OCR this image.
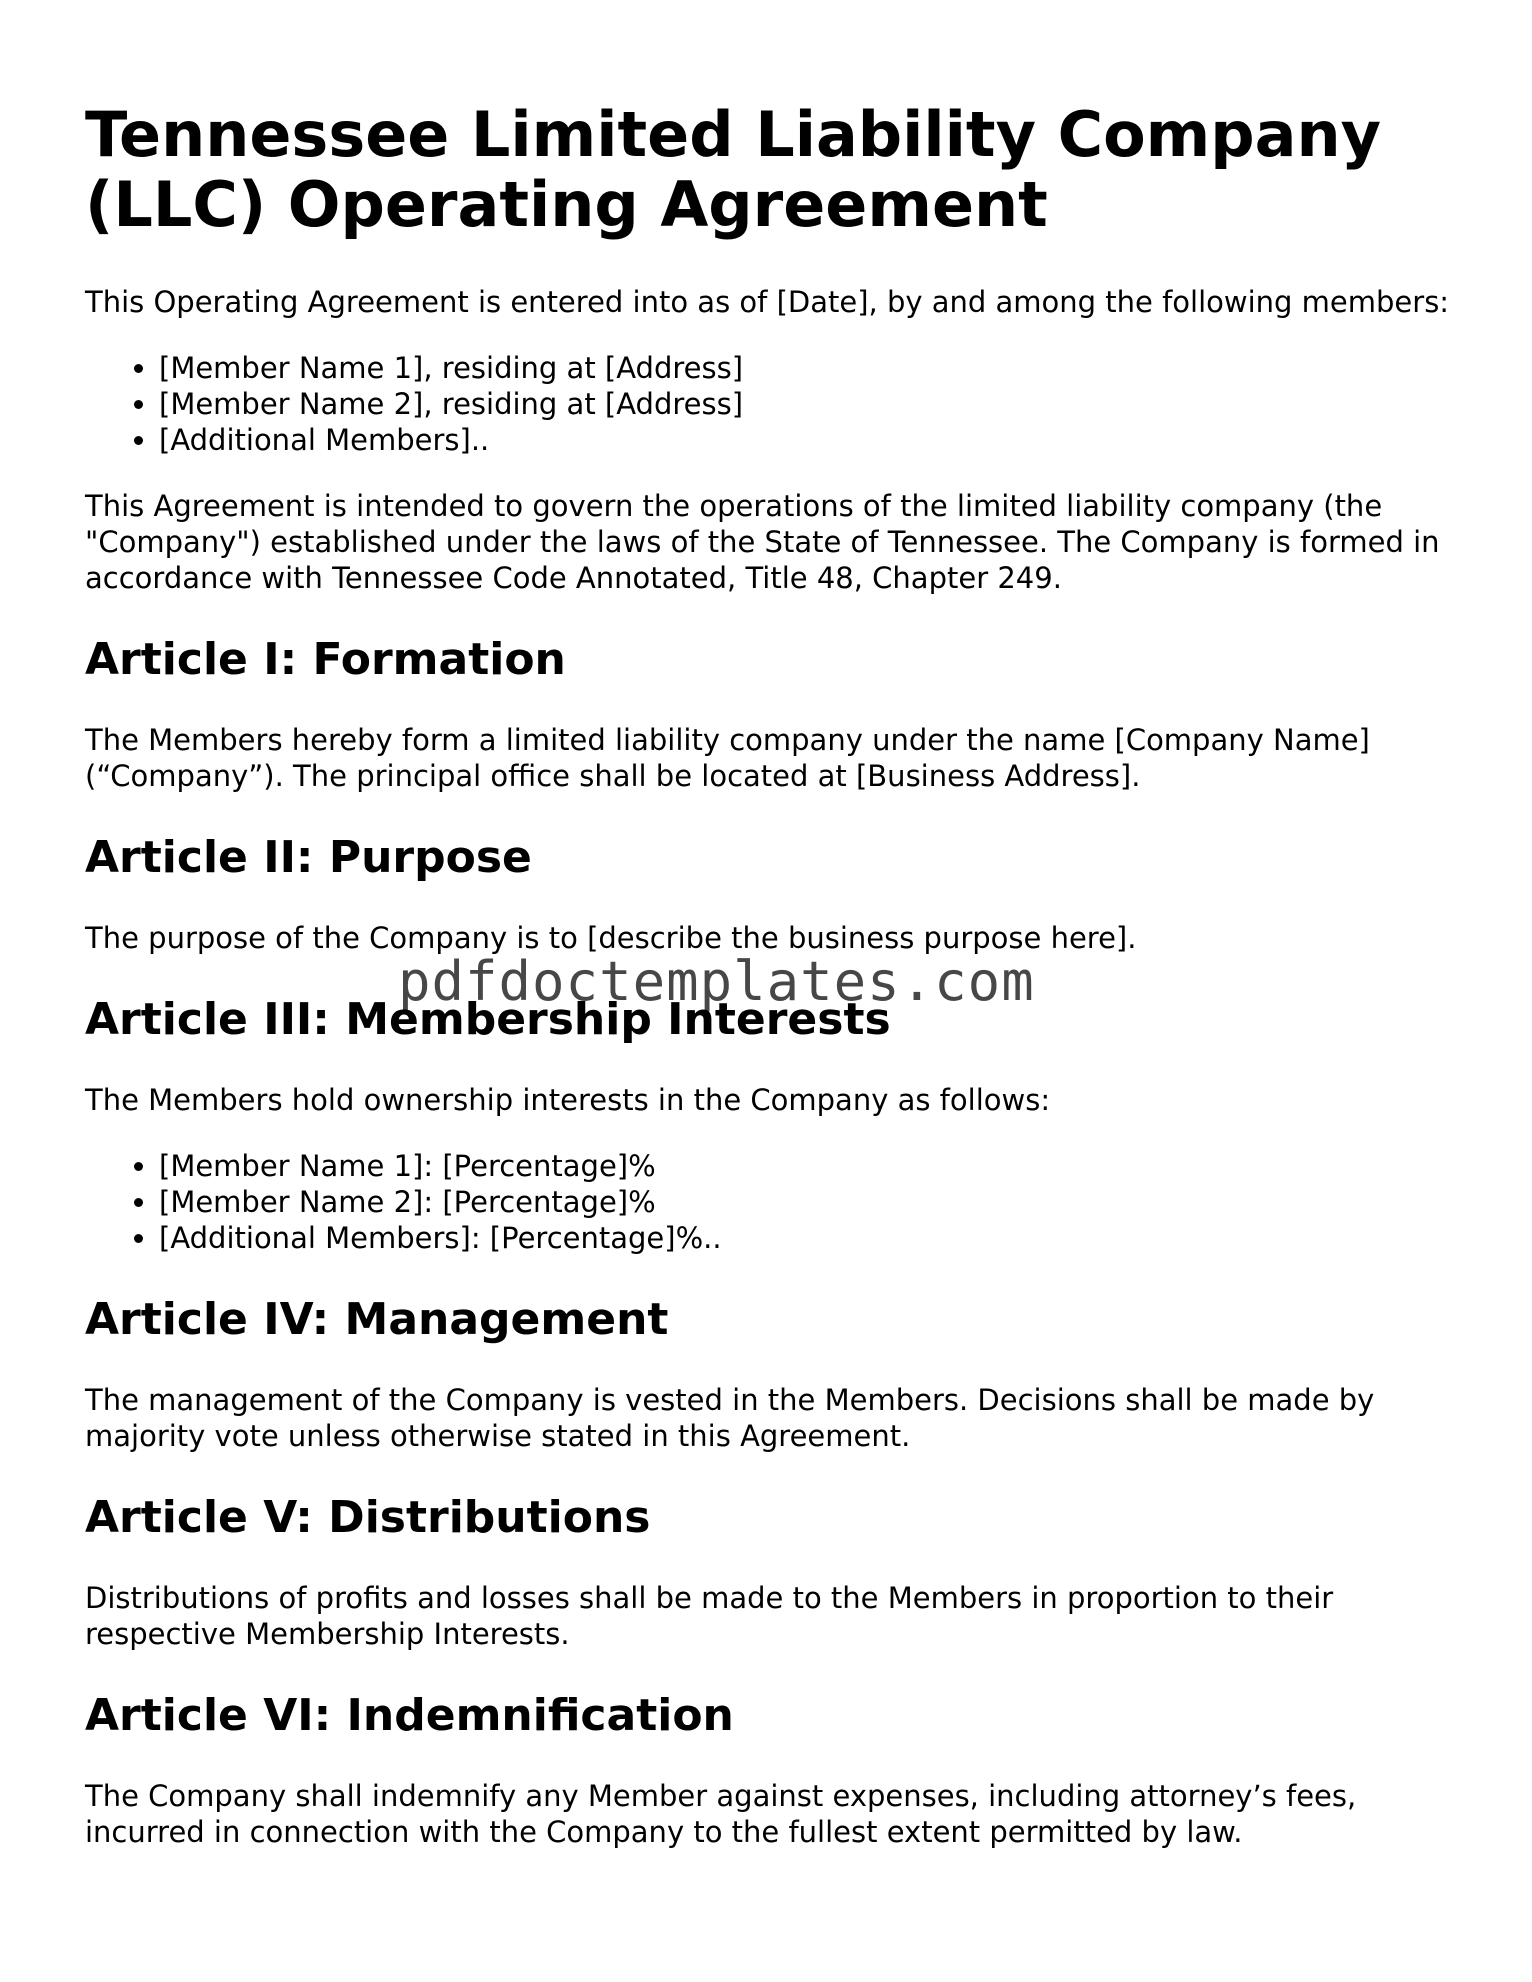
Tennessee Limited Liability Company (LLC) Operating Agreement

This Operating Agreement is entered into as of [Date], by and among the following members:

• [Member Name 1], residing at [Address]
• [Member Name 2], residing at [Address]
• [Additional Members]..

This Agreement is intended to govern the operations of the limited liability company (the "Company") established under the laws of the State of Tennessee. The Company is formed in accordance with Tennessee Code Annotated, Title 48, Chapter 249.

Article I: Formation

The Members hereby form a limited liability company under the name [Company Name] (“Company”). The principal office shall be located at [Business Address].

Article II: Purpose

The purpose of the Company is to [describe the business purpose here].

Article III: Membership Interests

The Members hold ownership interests in the Company as follows:

• [Member Name 1]: [Percentage]%
• [Member Name 2]: [Percentage]%
• [Additional Members]: [Percentage]%..
Article IV: Management

The management of the Company is vested in the Members. Decisions shall be made by majority vote unless otherwise stated in this Agreement.

Article V: Distributions

Distributions of profits and losses shall be made to the Members in proportion to their respective Membership Interests.

Article VI: Indemnification

The Company shall indemnify any Member against expenses, including attorney’s fees, incurred in connection with the Company to the fullest extent permitted by law.

pdfdoctemplates.com
